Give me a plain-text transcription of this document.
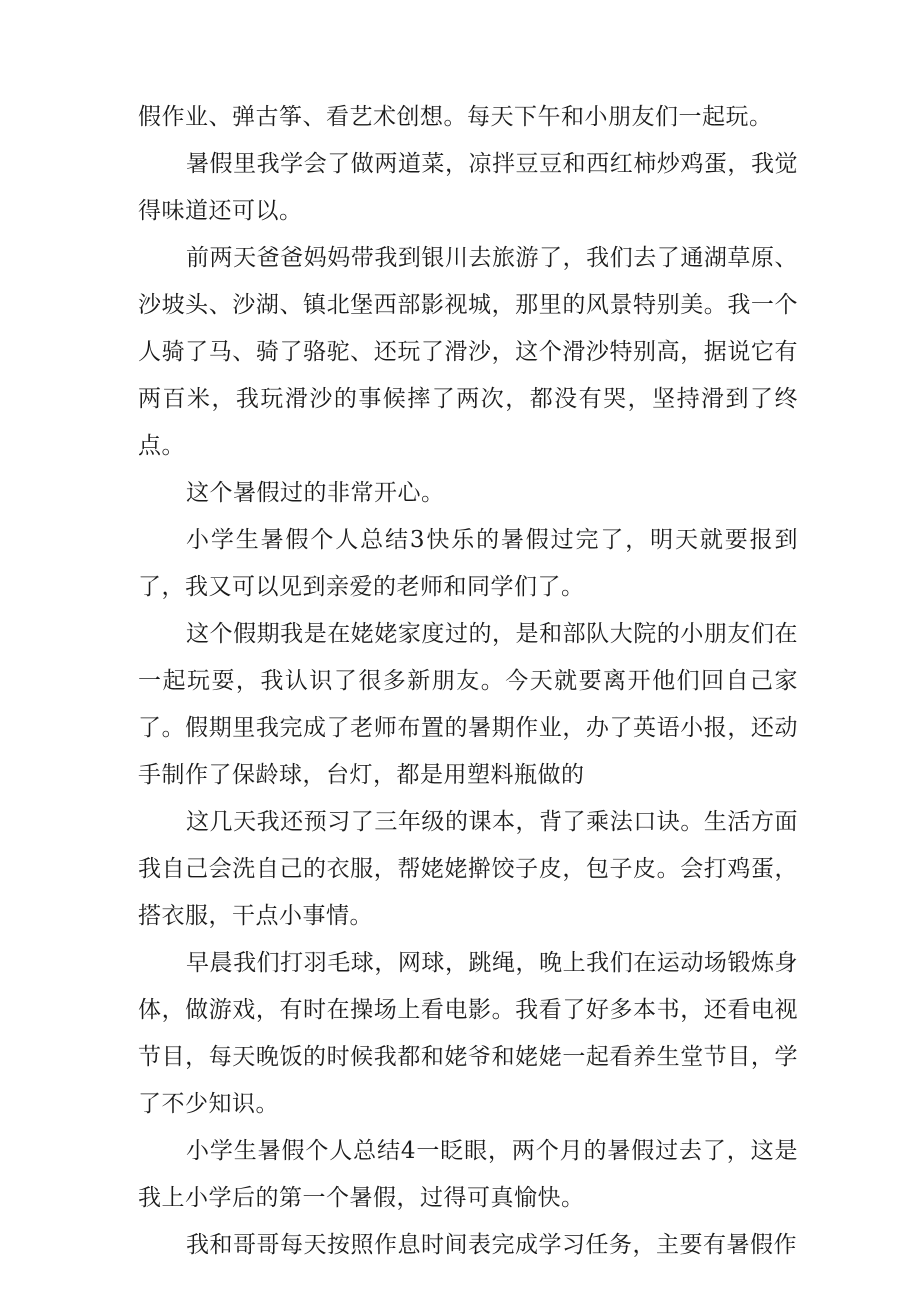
假作业、弹古筝、看艺术创想。每天下午和小朋友们一起玩。

暑假里我学会了做两道菜，凉拌豆豆和西红柿炒鸡蛋，我觉得味道还可以。

前两天爸爸妈妈带我到银川去旅游了，我们去了通湖草原、沙坡头、沙湖、镇北堡西部影视城，那里的风景特别美。我一个人骑了马、骑了骆驼、还玩了滑沙，这个滑沙特别高，据说它有两百米，我玩滑沙的事候摔了两次，都没有哭，坚持滑到了终点。

这个暑假过的非常开心。

小学生暑假个人总结3快乐的暑假过完了，明天就要报到了，我又可以见到亲爱的老师和同学们了。

这个假期我是在姥姥家度过的，是和部队大院的小朋友们在一起玩耍，我认识了很多新朋友。今天就要离开他们回自己家了。假期里我完成了老师布置的暑期作业，办了英语小报，还动手制作了保龄球，台灯，都是用塑料瓶做的

这几天我还预习了三年级的课本，背了乘法口诀。生活方面我自己会洗自己的衣服，帮姥姥擀饺子皮，包子皮。会打鸡蛋，搭衣服，干点小事情。

早晨我们打羽毛球，网球，跳绳，晚上我们在运动场锻炼身体，做游戏，有时在操场上看电影。我看了好多本书，还看电视节目，每天晚饭的时候我都和姥爷和姥姥一起看养生堂节目，学了不少知识。

小学生暑假个人总结4一眨眼，两个月的暑假过去了，这是我上小学后的第一个暑假，过得可真愉快。

我和哥哥每天按照作息时间表完成学习任务，主要有暑假作
